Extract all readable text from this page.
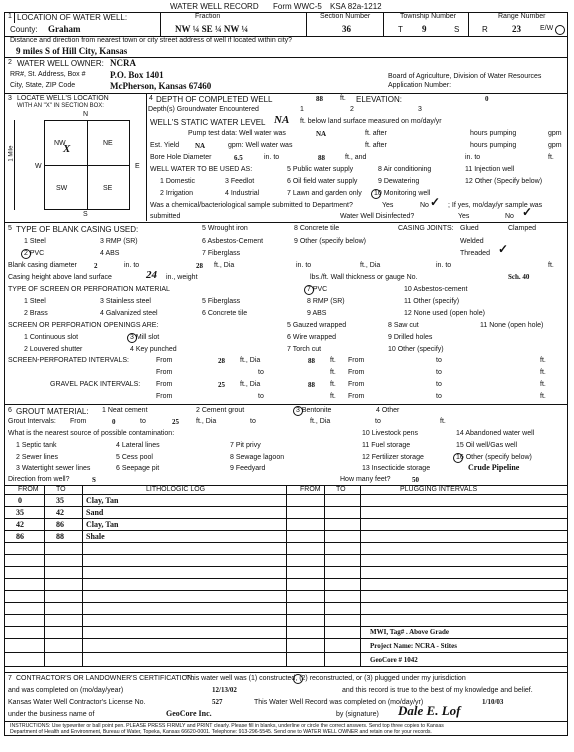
WATER WELL RECORD Form WWC-5 KSA 82a-1212
1 LOCATION OF WATER WELL:	Fraction
County: Graham	NW ¼ SE ¼ NW ¼
Section Number
36
Township Number
T 9	S
Range Number
R	23	E/W
Distance and direction from nearest town or city street address of well if located within city?
9 miles S of Hill City, Kansas
2 WATER WELL OWNER: NCRA
RR#, St. Address, Box #	P.O. Box 1401
City, State, ZIP Code	McPherson, Kansas 67460
Board of Agriculture, Division of Water Resources
Application Number:
3 LOCATE WELL'S LOCATION
WITH AN "X" IN SECTION BOX:
N
S
W	E
NW
X	NE
SW	SE
1 Mile
4 DEPTH OF COMPLETED WELL	88 ft. ELEVATION:	0
Depth(s) Groundwater Encountered	1	2	3
WELL'S STATIC WATER LEVEL NA ft. below land surface measured on mo/day/yr
Pump test data: Well water was	NA	ft. after	hours pumping	gpm
Est. Yield NA	gpm: Well water was	ft. after	hours pumping	gpm
Bore Hole Diameter	6.5	in. to	88	ft., and	in. to	ft.
WELL WATER TO BE USED AS:	5 Public water supply	8 Air conditioning	11 Injection well
1 Domestic	3 Feedlot	6 Oil field water supply	9 Dewatering	12 Other (Specify below)
2 Irrigation	4 Industrial	7 Lawn and garden only 10 Monitoring well
Was a chemical/bacteriological sample submitted to Department?	Yes	No ✓ ; If yes, mo/day/yr sample was
submitted	Water Well Disinfected?	Yes	No ✓
5 TYPE OF BLANK CASING USED:	5 Wrought iron	8 Concrete tile	CASING JOINTS: Glued	Clamped
1 Steel	3 RMP (SR)	6 Asbestos-Cement	9 Other (specify below)	Welded
2 PVC	4 ABS	7 Fiberglass	Threaded ✓
Blank casing diameter 2	in. to	28 ft., Dia	in. to	ft., Dia	in. to	ft.
Casing height above land surface	24 in., weight	lbs./ft. Wall thickness or gauge No.	Sch. 40
TYPE OF SCREEN OR PERFORATION MATERIAL
1 Steel	3 Stainless steel	5 Fiberglass
7 PVC	10 Asbestos-cement
8 RMP (SR)	11 Other (specify)
2 Brass	4 Galvanized steel	6 Concrete tile	9 ABS	12 None used (open hole)
SCREEN OR PERFORATION OPENINGS ARE:	5 Gauzed wrapped	8 Saw cut	11 None (open hole)
1 Continuous slot	3 Mill slot	6 Wire wrapped	9 Drilled holes
2 Louvered shutter	4 Key punched	7 Torch cut	10 Other (specify)
SCREEN-PERFORATED INTERVALS:	From	28 ft., Dia	88 ft. From	to	ft.
From	to	ft. From	to	ft.
GRAVEL PACK INTERVALS: From	25 ft., Dia	88 ft. From	to	ft.
From	to	ft. From	to	ft.
6 GROUT MATERIAL: 1 Neat cement	2 Cement grout	3 Bentonite	4 Other
Grout Intervals: From	0	to	25 ft., Dia	to	ft., Dia	to	ft.
What is the nearest source of possible contamination:	10 Livestock pens	14 Abandoned water well
1 Septic tank	4 Lateral lines	7 Pit privy	11 Fuel storage	15 Oil well/Gas well
2 Sewer lines	5 Cess pool	8 Sewage lagoon	12 Fertilizer storage	16 Other (specify below)
3 Watertight sewer lines	6 Seepage pit	9 Feedyard	13 Insecticide storage	Crude Pipeline
Direction from well?	S	How many feet?	50
FROM TO	LITHOLOGIC LOG	FROM TO	PLUGGING INTERVALS
0	35	Clay, Tan
35	42	Sand
42	86	Clay, Tan
86	88	Shale
MWI, Tag# . Above Grade
Project Name: NCRA - Stites
GeoCore # 1042
7 CONTRACTOR'S OR LANDOWNER'S CERTIFICATION:
This water well was (1) constructed, (2) reconstructed, or (3) plugged under my jurisdiction
and was completed on (mo/day/year)	12/13/02	and this record is true to the best of my knowledge and belief.
Kansas Water Well Contractor's License No.	527	This Water Well Record was completed on (mo/day/yr)	1/10/03
under the business name of	GeoCore Inc.	by (signature) Dale E. Lof
INSTRUCTIONS: Use typewriter or ball point pen. PLEASE PRESS FIRMLY and PRINT clearly. Please fill in blanks, underline or circle the correct answers. Send top three copies to Kansas
Department of Health and Environment, Bureau of Water, Topeka, Kansas 66620-0001. Telephone: 913-296-5545. Send one to WATER WELL OWNER and retain one for your records.
